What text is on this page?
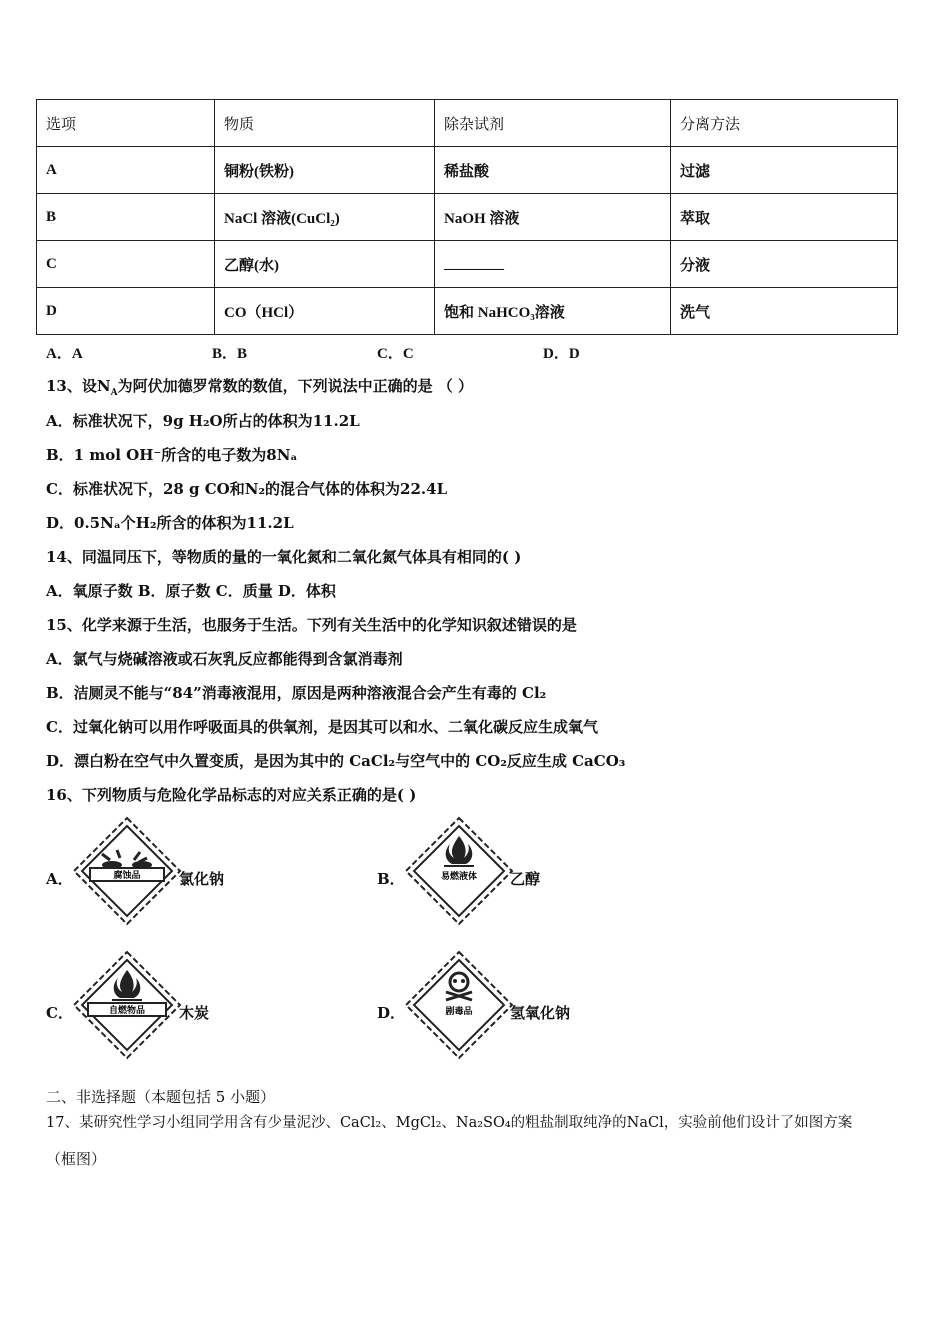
选项	物质	除杂试剂	分离方法
A	铜粉(铁粉)	稀盐酸	过滤
B	NaCl 溶液(CuCl₂)	NaOH 溶液	萃取
C	乙醇(水)	________	分液
D	CO（HCl）	饱和 NaHCO₃溶液	洗气
A．A	B．B	C．C	D．D
13、设$N_A$为阿伏加德罗常数的数值，下列说法中正确的是 （ ）
A．标准状况下，9g H₂O所占的体积为11.2L
B．1 mol OH⁻所含的电子数为8Nₐ
C．标准状况下，28 g CO和N₂的混合气体的体积为22.4L
D．0.5Nₐ个H₂所含的体积为11.2L
14、同温同压下，等物质的量的一氧化氮和二氧化氮气体具有相同的( )
A．氧原子数 B．原子数 C．质量 D．体积
15、化学来源于生活，也服务于生活。下列有关生活中的化学知识叙述错误的是
A．氯气与烧碱溶液或石灰乳反应都能得到含氯消毒剂
B．洁厕灵不能与“84”消毒液混用，原因是两种溶液混合会产生有毒的 Cl₂
C．过氧化钠可以用作呼吸面具的供氧剂，是因其可以和水、二氧化碳反应生成氧气
D．漂白粉在空气中久置变质，是因为其中的 CaCl₂与空气中的 CO₂反应生成 CaCO₃
16、下列物质与危险化学品标志的对应关系正确的是( )
A．	腐蚀品	氯化钠	B．	易燃液体 乙醇
C．	自燃物品 木炭	D．	剧毒品 氢氧化钠
二、非选择题（本题包括 5 小题）
17、某研究性学习小组同学用含有少量泥沙、CaCl₂、MgCl₂、Na₂SO₄的粗盐制取纯净的NaCl，实验前他们设计了如图方案
（框图）
